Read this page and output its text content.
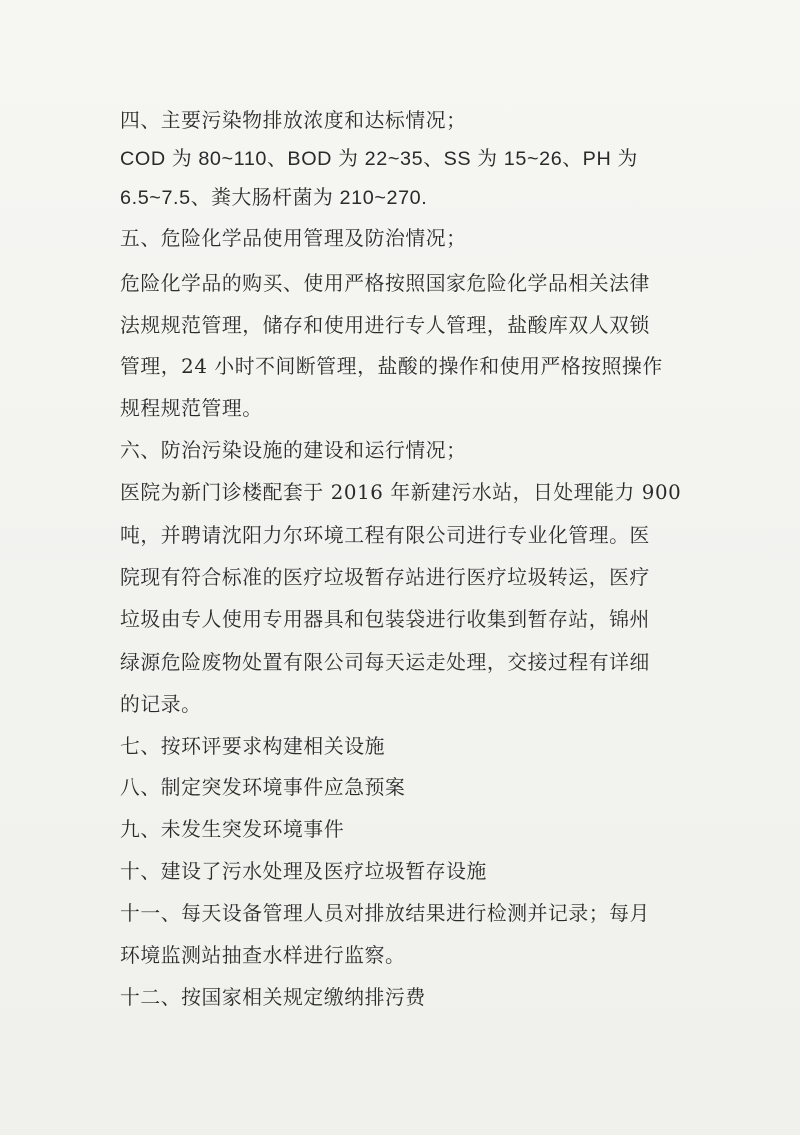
四、主要污染物排放浓度和达标情况；
COD 为 80~110、BOD 为 22~35、SS 为 15~26、PH 为
6.5~7.5、粪大肠杆菌为 210~270.
五、危险化学品使用管理及防治情况；
危险化学品的购买、使用严格按照国家危险化学品相关法律
法规规范管理，储存和使用进行专人管理，盐酸库双人双锁
管理，24 小时不间断管理，盐酸的操作和使用严格按照操作
规程规范管理。
六、防治污染设施的建设和运行情况；
医院为新门诊楼配套于 2016 年新建污水站，日处理能力 900
吨，并聘请沈阳力尔环境工程有限公司进行专业化管理。医
院现有符合标准的医疗垃圾暂存站进行医疗垃圾转运，医疗
垃圾由专人使用专用器具和包装袋进行收集到暂存站，锦州
绿源危险废物处置有限公司每天运走处理，交接过程有详细
的记录。
七、按环评要求构建相关设施
八、制定突发环境事件应急预案
九、未发生突发环境事件
十、建设了污水处理及医疗垃圾暂存设施
十一、每天设备管理人员对排放结果进行检测并记录；每月
环境监测站抽查水样进行监察。
十二、按国家相关规定缴纳排污费
